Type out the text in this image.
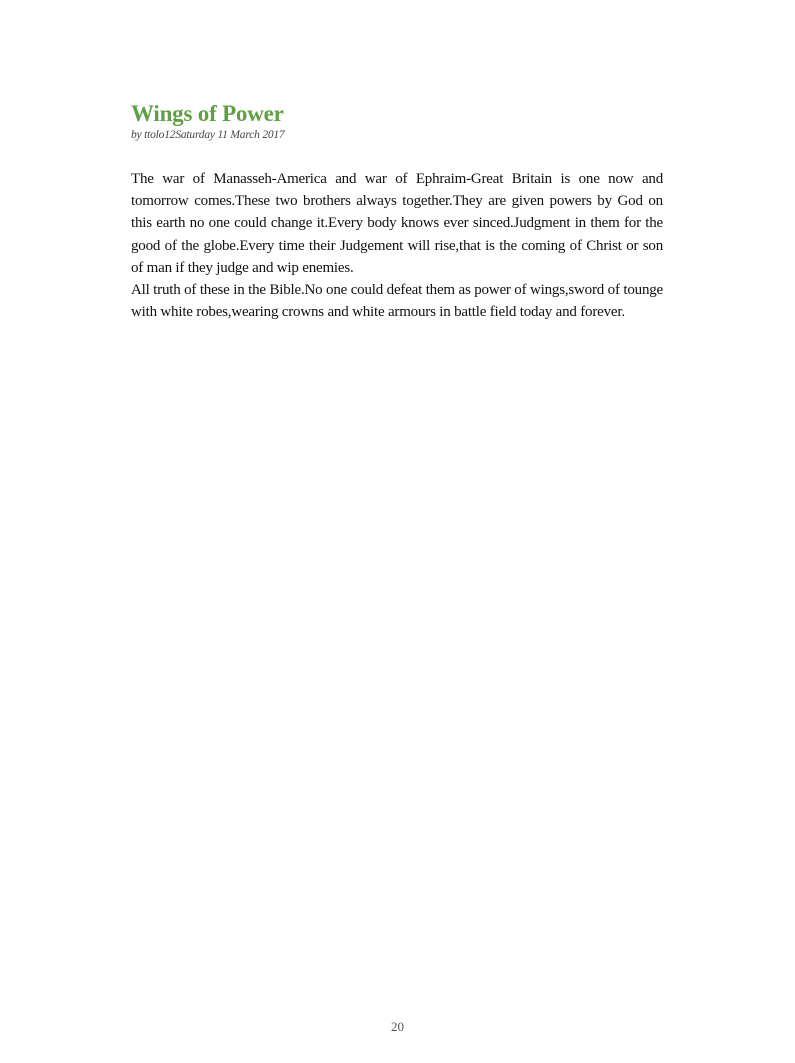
Wings of Power

by ttolo12Saturday 11 March 2017

The war of Manasseh-America and war of Ephraim-Great Britain is one now and tomorrow comes.These two brothers always together.They are given powers by God on this earth no one could change it.Every body knows ever sinced.Judgment in them for the good of the globe.Every time their Judgement will rise,that is the coming of Christ or son of man if they judge and wip enemies.

All truth of these in the Bible.No one could defeat them as power of wings,sword of tounge with white robes,wearing crowns and white armours in battle field today and forever.

20
